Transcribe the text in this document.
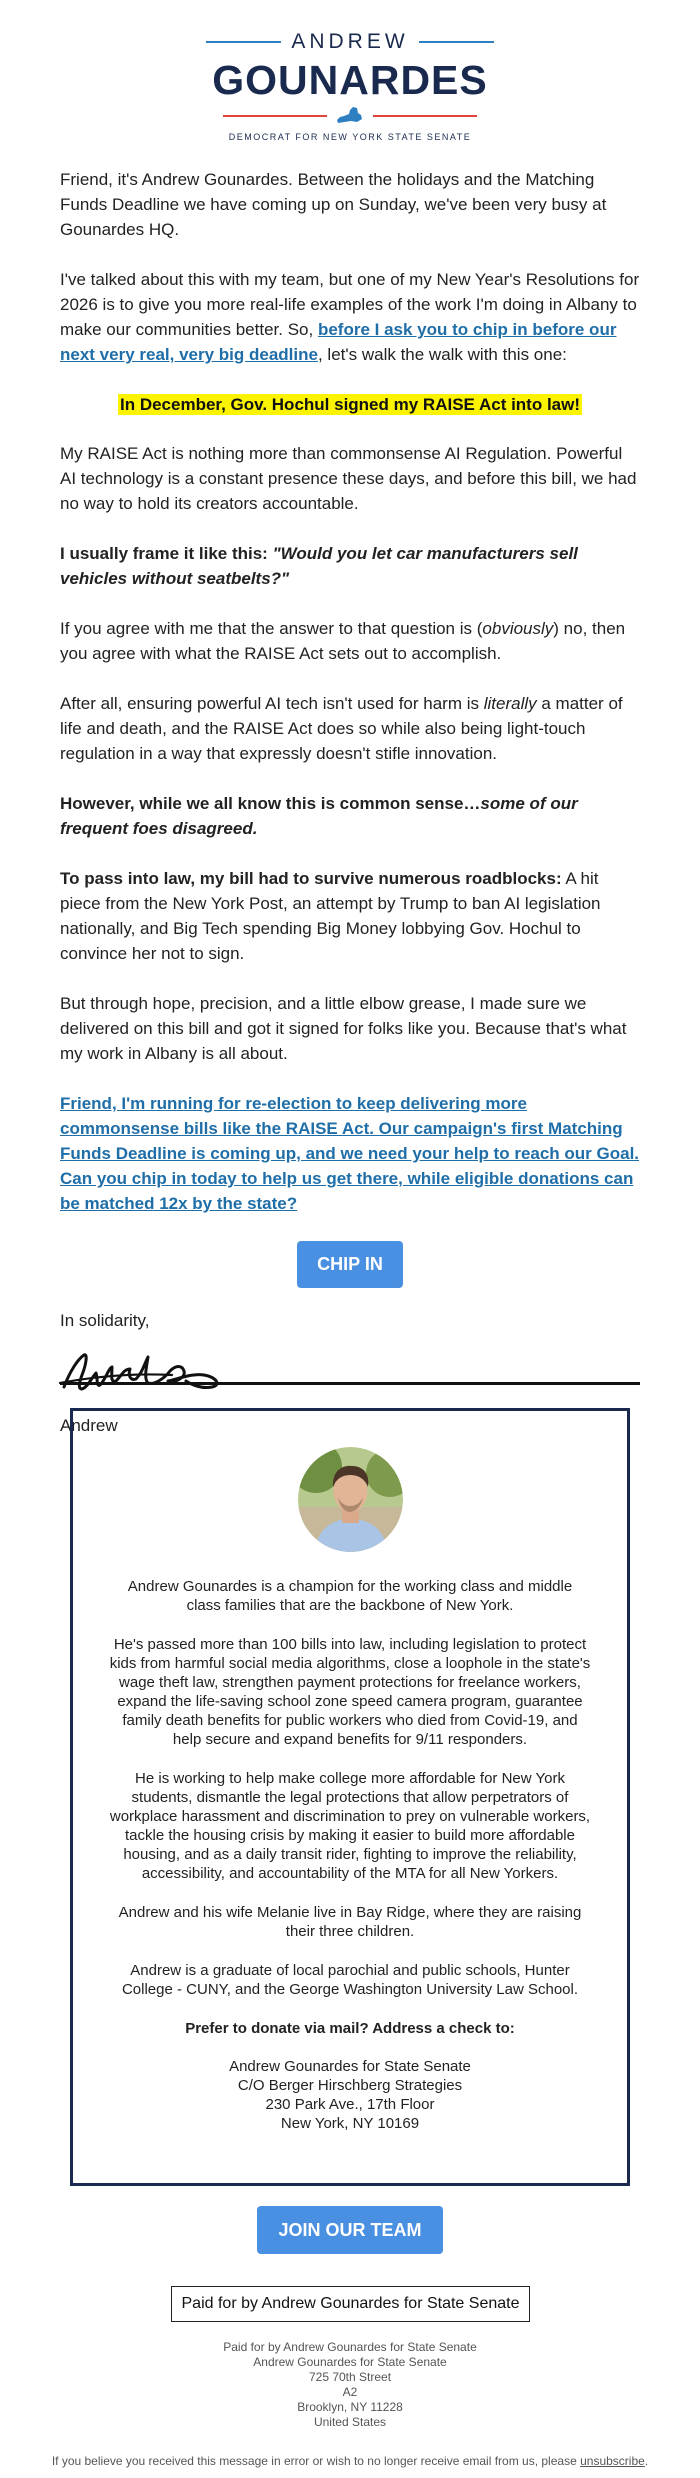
ANDREW
GOUNARDES
DEMOCRAT FOR NEW YORK STATE SENATE

Friend, it's Andrew Gounardes. Between the holidays and the Matching Funds Deadline we have coming up on Sunday, we've been very busy at Gounardes HQ.

I've talked about this with my team, but one of my New Year's Resolutions for 2026 is to give you more real-life examples of the work I'm doing in Albany to make our communities better. So, before I ask you to chip in before our next very real, very big deadline, let's walk the walk with this one:

In December, Gov. Hochul signed my RAISE Act into law!

My RAISE Act is nothing more than commonsense AI Regulation. Powerful AI technology is a constant presence these days, and before this bill, we had no way to hold its creators accountable.

I usually frame it like this: "Would you let car manufacturers sell vehicles without seatbelts?"

If you agree with me that the answer to that question is (obviously) no, then you agree with what the RAISE Act sets out to accomplish.

After all, ensuring powerful AI tech isn't used for harm is literally a matter of life and death, and the RAISE Act does so while also being light-touch regulation in a way that expressly doesn't stifle innovation.

However, while we all know this is common sense…some of our frequent foes disagreed.

To pass into law, my bill had to survive numerous roadblocks: A hit piece from the New York Post, an attempt by Trump to ban AI legislation nationally, and Big Tech spending Big Money lobbying Gov. Hochul to convince her not to sign.

But through hope, precision, and a little elbow grease, I made sure we delivered on this bill and got it signed for folks like you. Because that's what my work in Albany is all about.

Friend, I'm running for re-election to keep delivering more commonsense bills like the RAISE Act. Our campaign's first Matching Funds Deadline is coming up, and we need your help to reach our Goal. Can you chip in today to help us get there, while eligible donations can be matched 12x by the state?

CHIP IN
In solidarity,
Andrew

Andrew Gounardes is a champion for the working class and middle class families that are the backbone of New York.

He's passed more than 100 bills into law, including legislation to protect kids from harmful social media algorithms, close a loophole in the state's wage theft law, strengthen payment protections for freelance workers, expand the life-saving school zone speed camera program, guarantee family death benefits for public workers who died from Covid-19, and help secure and expand benefits for 9/11 responders.

He is working to help make college more affordable for New York students, dismantle the legal protections that allow perpetrators of workplace harassment and discrimination to prey on vulnerable workers, tackle the housing crisis by making it easier to build more affordable housing, and as a daily transit rider, fighting to improve the reliability, accessibility, and accountability of the MTA for all New Yorkers.

Andrew and his wife Melanie live in Bay Ridge, where they are raising their three children.

Andrew is a graduate of local parochial and public schools, Hunter College - CUNY, and the George Washington University Law School.

Prefer to donate via mail? Address a check to:

Andrew Gounardes for State Senate
C/O Berger Hirschberg Strategies
230 Park Ave., 17th Floor
New York, NY 10169

JOIN OUR TEAM
Paid for by Andrew Gounardes for State Senate
Paid for by Andrew Gounardes for State Senate
Andrew Gounardes for State Senate
725 70th Street
A2
Brooklyn, NY 11228
United States
If you believe you received this message in error or wish to no longer receive email from us, please unsubscribe.
